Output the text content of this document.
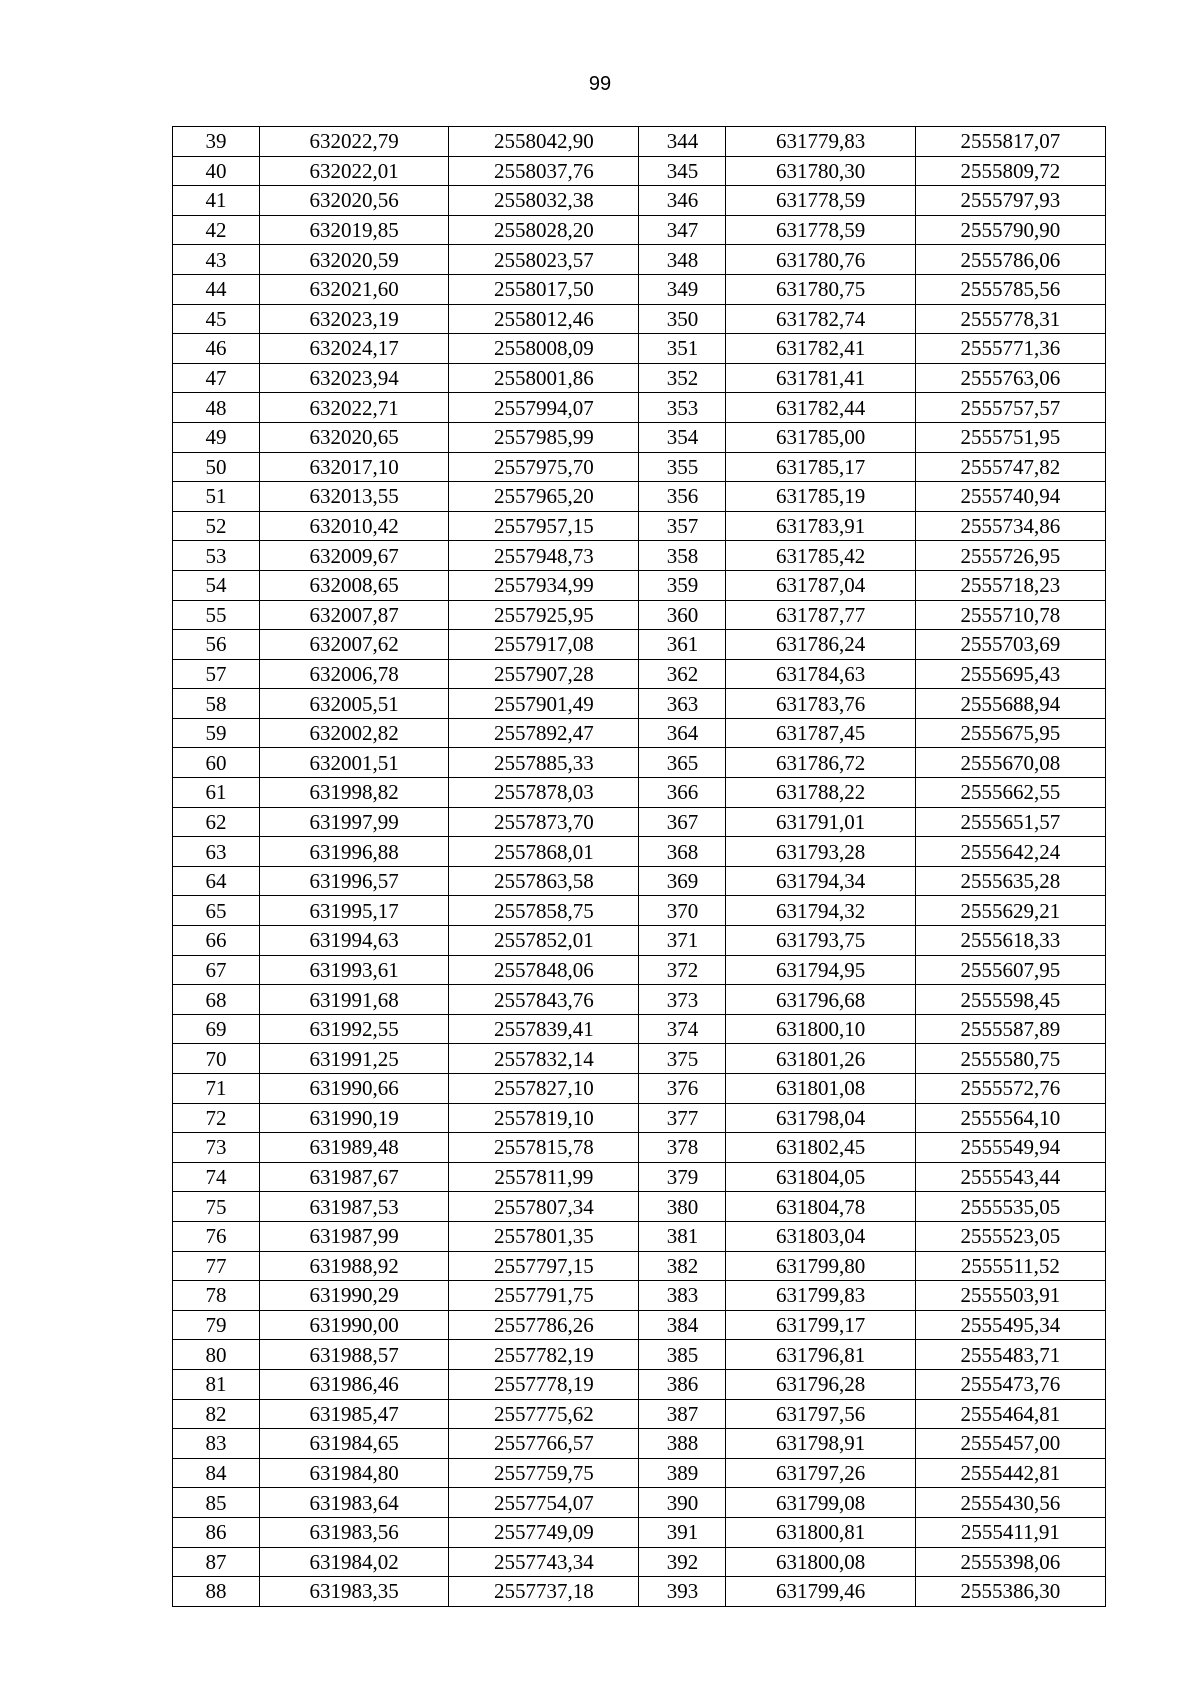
99
39	632022,79	2558042,90	344	631779,83	2555817,07
40	632022,01	2558037,76	345	631780,30	2555809,72
41	632020,56	2558032,38	346	631778,59	2555797,93
42	632019,85	2558028,20	347	631778,59	2555790,90
43	632020,59	2558023,57	348	631780,76	2555786,06
44	632021,60	2558017,50	349	631780,75	2555785,56
45	632023,19	2558012,46	350	631782,74	2555778,31
46	632024,17	2558008,09	351	631782,41	2555771,36
47	632023,94	2558001,86	352	631781,41	2555763,06
48	632022,71	2557994,07	353	631782,44	2555757,57
49	632020,65	2557985,99	354	631785,00	2555751,95
50	632017,10	2557975,70	355	631785,17	2555747,82
51	632013,55	2557965,20	356	631785,19	2555740,94
52	632010,42	2557957,15	357	631783,91	2555734,86
53	632009,67	2557948,73	358	631785,42	2555726,95
54	632008,65	2557934,99	359	631787,04	2555718,23
55	632007,87	2557925,95	360	631787,77	2555710,78
56	632007,62	2557917,08	361	631786,24	2555703,69
57	632006,78	2557907,28	362	631784,63	2555695,43
58	632005,51	2557901,49	363	631783,76	2555688,94
59	632002,82	2557892,47	364	631787,45	2555675,95
60	632001,51	2557885,33	365	631786,72	2555670,08
61	631998,82	2557878,03	366	631788,22	2555662,55
62	631997,99	2557873,70	367	631791,01	2555651,57
63	631996,88	2557868,01	368	631793,28	2555642,24
64	631996,57	2557863,58	369	631794,34	2555635,28
65	631995,17	2557858,75	370	631794,32	2555629,21
66	631994,63	2557852,01	371	631793,75	2555618,33
67	631993,61	2557848,06	372	631794,95	2555607,95
68	631991,68	2557843,76	373	631796,68	2555598,45
69	631992,55	2557839,41	374	631800,10	2555587,89
70	631991,25	2557832,14	375	631801,26	2555580,75
71	631990,66	2557827,10	376	631801,08	2555572,76
72	631990,19	2557819,10	377	631798,04	2555564,10
73	631989,48	2557815,78	378	631802,45	2555549,94
74	631987,67	2557811,99	379	631804,05	2555543,44
75	631987,53	2557807,34	380	631804,78	2555535,05
76	631987,99	2557801,35	381	631803,04	2555523,05
77	631988,92	2557797,15	382	631799,80	2555511,52
78	631990,29	2557791,75	383	631799,83	2555503,91
79	631990,00	2557786,26	384	631799,17	2555495,34
80	631988,57	2557782,19	385	631796,81	2555483,71
81	631986,46	2557778,19	386	631796,28	2555473,76
82	631985,47	2557775,62	387	631797,56	2555464,81
83	631984,65	2557766,57	388	631798,91	2555457,00
84	631984,80	2557759,75	389	631797,26	2555442,81
85	631983,64	2557754,07	390	631799,08	2555430,56
86	631983,56	2557749,09	391	631800,81	2555411,91
87	631984,02	2557743,34	392	631800,08	2555398,06
88	631983,35	2557737,18	393	631799,46	2555386,30
